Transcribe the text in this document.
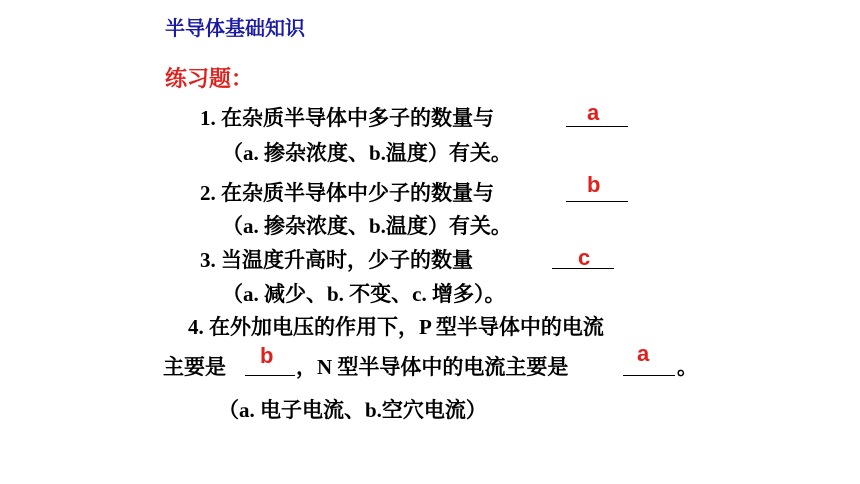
半导体基础知识
练习题：
1. 在杂质半导体中多子的数量与	a
（a. 掺杂浓度、b.温度）有关。
2. 在杂质半导体中少子的数量与	b
（a. 掺杂浓度、b.温度）有关。
3. 当温度升高时，少子的数量	c
（a. 减少、b. 不变、c. 增多）。
4. 在外加电压的作用下，P 型半导体中的电流
主要是 b ，N 型半导体中的电流主要是
a
。
（a. 电子电流、b.空穴电流）
